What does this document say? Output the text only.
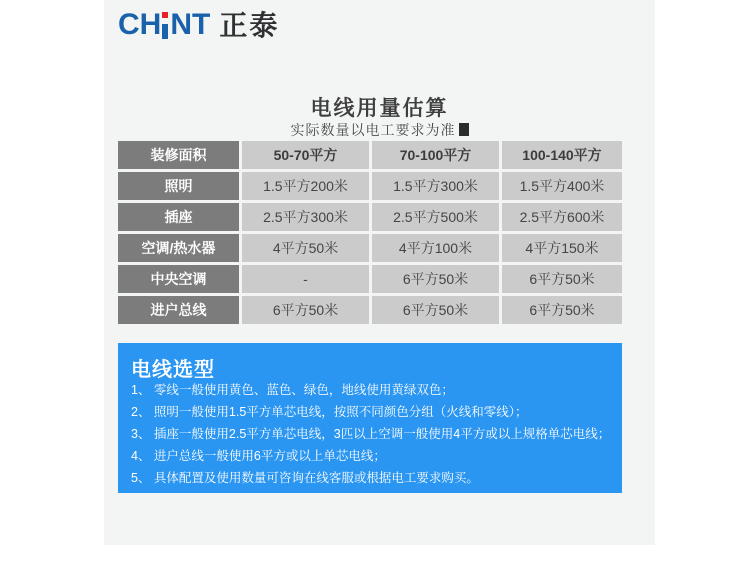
CH NT 正泰
电线用量估算
实际数量以电工要求为准
装修面积	50-70平方	70-100平方	100-140平方
照明	1.5平方200米	1.5平方300米	1.5平方400米
插座	2.5平方300米	2.5平方500米	2.5平方600米
空调/热水器	4平方50米	4平方100米	4平方150米
中央空调	-	6平方50米	6平方50米
进户总线	6平方50米	6平方50米	6平方50米
电线选型
1、 零线一般使用黄色、蓝色、绿色，地线使用黄绿双色；
2、 照明一般使用1.5平方单芯电线，按照不同颜色分组（火线和零线）；
3、 插座一般使用2.5平方单芯电线，3匹以上空调一般使用4平方或以上规格单芯电线；
4、 进户总线一般使用6平方或以上单芯电线；
5、 具体配置及使用数量可咨询在线客服或根据电工要求购买。
